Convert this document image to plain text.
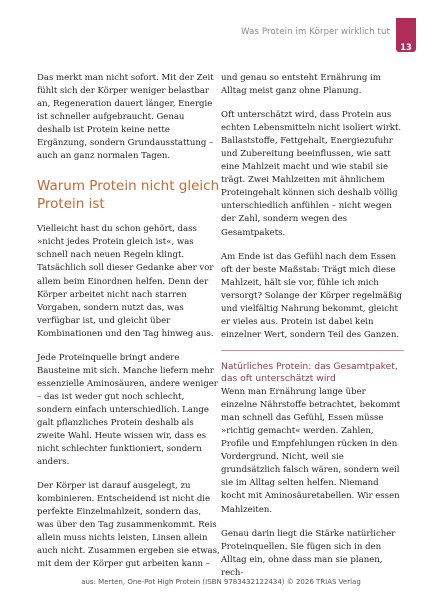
Was Protein im Körper wirklich tut
13

Das merkt man nicht sofort. Mit der Zeit fühlt sich der Körper weniger belastbar an, Regeneration dauert länger, Energie ist schneller aufgebraucht. Genau deshalb ist Protein keine nette Ergänzung, sondern Grundausstattung – auch an ganz normalen Tagen.

Warum Protein nicht gleich Protein ist

Vielleicht hast du schon gehört, dass »nicht jedes Protein gleich ist«, was schnell nach neuen Regeln klingt. Tatsächlich soll dieser Gedanke aber vor allem beim Einordnen helfen. Denn der Körper arbeitet nicht nach starren Vorgaben, sondern nutzt das, was verfügbar ist, und gleicht über Kombinationen und den Tag hinweg aus.

Jede Proteinquelle bringt andere Bausteine mit sich. Manche liefern mehr essenzielle Aminosäuren, andere weniger – das ist weder gut noch schlecht, sondern einfach unterschiedlich. Lange galt pflanzliches Protein deshalb als zweite Wahl. Heute wissen wir, dass es nicht schlechter funktioniert, sondern anders.

Der Körper ist darauf ausgelegt, zu kombinieren. Entscheidend ist nicht die perfekte Einzelmahlzeit, sondern das, was über den Tag zusammenkommt. Reis allein muss nichts leisten, Linsen allein auch nicht. Zusammen ergeben sie etwas, mit dem der Körper gut arbeiten kann –

und genau so entsteht Ernährung im Alltag meist ganz ohne Planung.

Oft unterschätzt wird, dass Protein aus echten Lebensmitteln nicht isoliert wirkt. Ballaststoffe, Fettgehalt, Energiezufuhr und Zubereitung beeinflussen, wie satt eine Mahlzeit macht und wie stabil sie trägt. Zwei Mahlzeiten mit ähnlichem Proteingehalt können sich deshalb völlig unterschiedlich anfühlen – nicht wegen der Zahl, sondern wegen des Gesamtpakets.

Am Ende ist das Gefühl nach dem Essen oft der beste Maßstab: Trägt mich diese Mahlzeit, hält sie vor, fühle ich mich versorgt? Solange der Körper regelmäßig und vielfältig Nahrung bekommt, gleicht er vieles aus. Protein ist dabei kein einzelner Wert, sondern Teil des Ganzen.

Natürliches Protein: das Gesamtpaket, das oft unterschätzt wird

Wenn man Ernährung lange über einzelne Nährstoffe betrachtet, bekommt man schnell das Gefühl, Essen müsse »richtig gemacht« werden. Zahlen, Profile und Empfehlungen rücken in den Vordergrund. Nicht, weil sie grundsätzlich falsch wären, sondern weil sie im Alltag selten helfen. Niemand kocht mit Aminosäuretabellen. Wir essen Mahlzeiten.

Genau darin liegt die Stärke natürlicher Proteinquellen. Sie fügen sich in den Alltag ein, ohne dass man sie planen, rech-

aus: Merten, One-Pot High Protein (ISBN 9783432122434) © 2026 TRIAS Verlag
